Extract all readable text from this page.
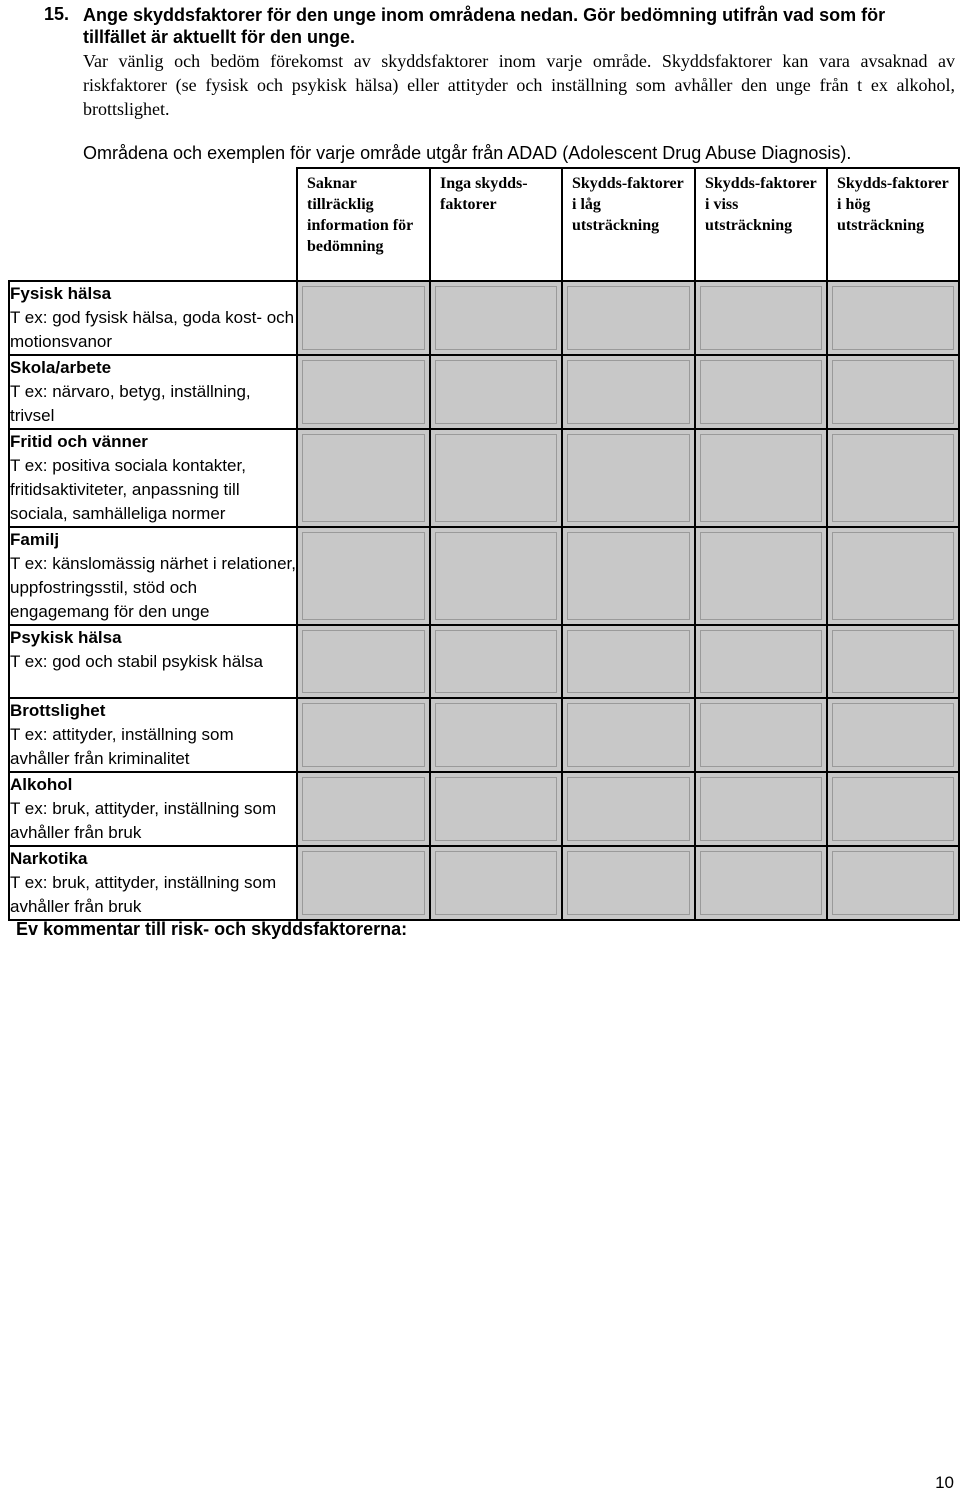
15. Ange skyddsfaktorer för den unge inom områdena nedan. Gör bedömning utifrån vad som för tillfället är aktuellt för den unge.
Var vänlig och bedöm förekomst av skyddsfaktorer inom varje område. Skyddsfaktorer kan vara avsaknad av riskfaktorer (se fysisk och psykisk hälsa) eller attityder och inställning som avhåller den unge från t ex alkohol, brottslighet.
Områdena och exemplen för varje område utgår från ADAD (Adolescent Drug Abuse Diagnosis).
	Saknar tillräcklig information för bedömning	Inga skydds-faktorer	Skydds-faktorer i låg utsträckning	Skydds-faktorer i viss utsträckning	Skydds-faktorer i hög utsträckning

Fysisk hälsa
T ex: god fysisk hälsa, goda kost- och motionsvanor					

Skola/arbete
T ex: närvaro, betyg, inställning, trivsel					

Fritid och vänner
T ex: positiva sociala kontakter, fritidsaktiviteter, anpassning till sociala, samhälleliga normer					

Familj
T ex: känslomässig närhet i relationer, uppfostringsstil, stöd och engagemang för den unge					

Psykisk hälsa
T ex: god och stabil psykisk hälsa					

Brottslighet
T ex: attityder, inställning som avhåller från kriminalitet					

Alkohol
T ex: bruk, attityder, inställning som avhåller från bruk					

Narkotika
T ex: bruk, attityder, inställning som avhåller från bruk					

Ev kommentar till risk- och skyddsfaktorerna:
10
